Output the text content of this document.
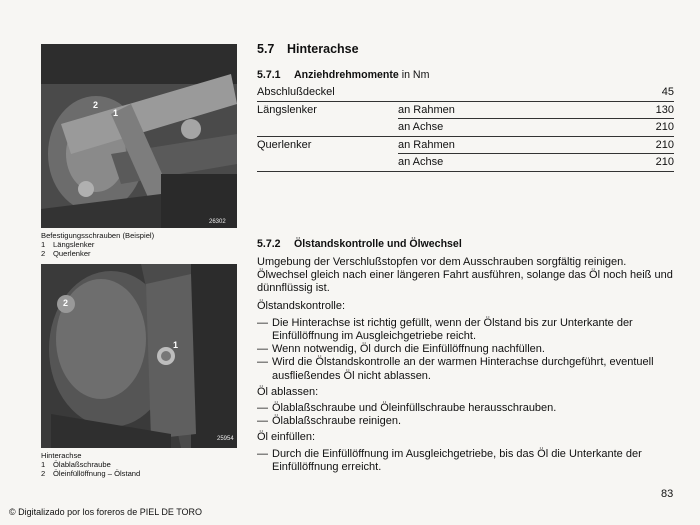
2
1
26302
Befestigungsschrauben (Beispiel)
1 Längslenker
2 Querlenker
2
1
25954
Hinterachse
1 Ölablaßschraube
2 Öleinfüllöffnung – Ölstand
5.7 Hinterachse
5.7.1 Anziehdrehmomente in Nm
Abschlußdeckel		45
Längslenker	an Rahmen	130
	an Achse	210
Querlenker	an Rahmen	210
	an Achse	210
5.7.2 Ölstandskontrolle und Ölwechsel

Umgebung der Verschlußstopfen vor dem Ausschrauben sorgfältig reinigen. Ölwechsel gleich nach einer längeren Fahrt ausführen, solange das Öl noch heiß und dünnflüssig ist.

Ölstandskontrolle:

— Die Hinterachse ist richtig gefüllt, wenn der Ölstand bis zur Unterkante der Einfüllöffnung im Ausgleichgetriebe reicht.

— Wenn notwendig, Öl durch die Einfüllöffnung nachfüllen.

— Wird die Ölstandskontrolle an der warmen Hinterachse durchgeführt, eventuell ausfließendes Öl nicht ablassen.

Öl ablassen:

— Ölablaßschraube und Öleinfüllschraube herausschrauben.

— Ölablaßschraube reinigen.

Öl einfüllen:

— Durch die Einfüllöffnung im Ausgleichgetriebe, bis das Öl die Unterkante der Einfüllöffnung erreicht.

83
© Digitalizado por los foreros de PIEL DE TORO
